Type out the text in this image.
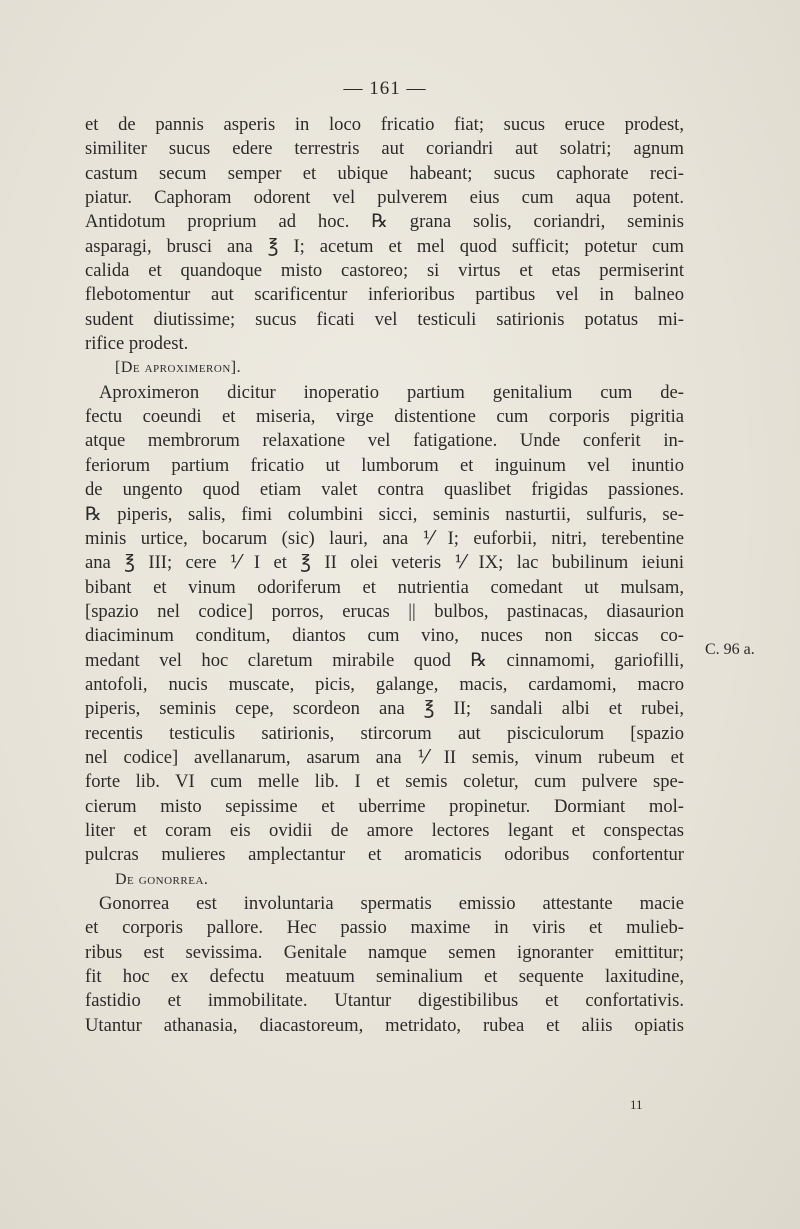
— 161 —
et de pannis asperis in loco fricatio fiat; sucus eruce prodest,
similiter sucus edere terrestris aut coriandri aut solatri; agnum
castum secum semper et ubique habeant; sucus caphorate reci-
piatur. Caphoram odorent vel pulverem eius cum aqua potent.
Antidotum proprium ad hoc. ℞ grana solis, coriandri, seminis
asparagi, brusci ana ℥ I; acetum et mel quod sufficit; potetur cum
calida et quandoque misto castoreo; si virtus et etas permiserint
flebotomentur aut scarificentur inferioribus partibus vel in balneo
sudent diutissime; sucus ficati vel testiculi satirionis potatus mi-
rifice prodest.
[De aproximeron].
Aproximeron dicitur inoperatio partium genitalium cum de-
fectu coeundi et miseria, virge distentione cum corporis pigritia
atque membrorum relaxatione vel fatigatione. Unde conferit in-
feriorum partium fricatio ut lumborum et inguinum vel inuntio
de ungento quod etiam valet contra quaslibet frigidas passiones.
℞ piperis, salis, fimi columbini sicci, seminis nasturtii, sulfuris, se-
minis urtice, bocarum (sic) lauri, ana ⅟ I; euforbii, nitri, terebentine
ana ℥ III; cere ⅟ I et ℥ II olei veteris ⅟ IX; lac bubilinum ieiuni
bibant et vinum odoriferum et nutrientia comedant ut mulsam,
[spazio nel codice] porros, erucas || bulbos, pastinacas, diasaurion
diaciminum conditum, diantos cum vino, nuces non siccas co-
medant vel hoc claretum mirabile quod ℞ cinnamomi, gariofilli,
antofoli, nucis muscate, picis, galange, macis, cardamomi, macro
piperis, seminis cepe, scordeon ana ℥ II; sandali albi et rubei,
recentis testiculis satirionis, stircorum aut pisciculorum [spazio
nel codice] avellanarum, asarum ana ⅟ II semis, vinum rubeum et
forte lib. VI cum melle lib. I et semis coletur, cum pulvere spe-
cierum misto sepissime et uberrime propinetur. Dormiant mol-
liter et coram eis ovidii de amore lectores legant et conspectas
pulcras mulieres amplectantur et aromaticis odoribus confortentur
De gonorrea.
Gonorrea est involuntaria spermatis emissio attestante macie
et corporis pallore. Hec passio maxime in viris et mulieb-
ribus est sevissima. Genitale namque semen ignoranter emittitur;
fit hoc ex defectu meatuum seminalium et sequente laxitudine,
fastidio et immobilitate. Utantur digestibilibus et confortativis.
Utantur athanasia, diacastoreum, metridato, rubea et aliis opiatis
C. 96 a.
11
